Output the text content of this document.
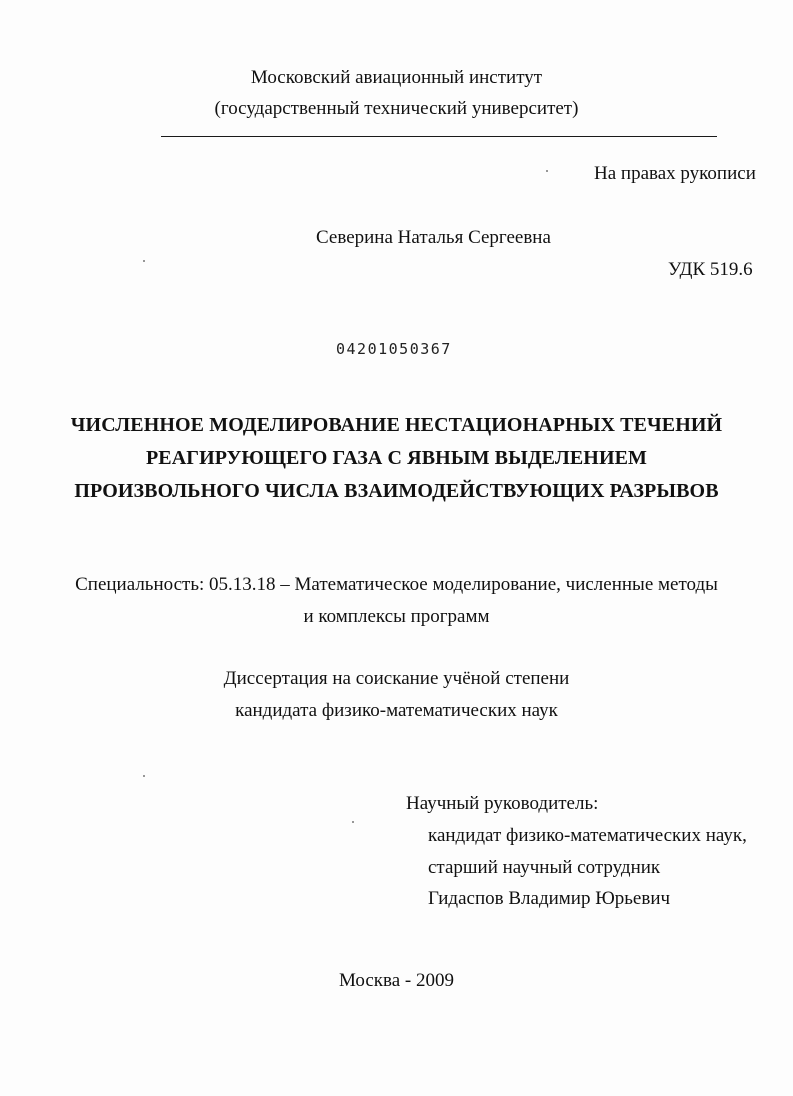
Московский авиационный институт
(государственный технический университет)
На правах рукописи
Северина Наталья Сергеевна
УДК 519.6
04201050367
ЧИСЛЕННОЕ МОДЕЛИРОВАНИЕ НЕСТАЦИОНАРНЫХ ТЕЧЕНИЙ
РЕАГИРУЮЩЕГО ГАЗА С ЯВНЫМ ВЫДЕЛЕНИЕМ
ПРОИЗВОЛЬНОГО ЧИСЛА ВЗАИМОДЕЙСТВУЮЩИХ РАЗРЫВОВ
Специальность: 05.13.18 – Математическое моделирование, численные методы
и комплексы программ
Диссертация на соискание учёной степени
кандидата физико-математических наук
Научный руководитель:
кандидат физико-математических наук,
старший научный сотрудник
Гидаспов Владимир Юрьевич
Москва - 2009
